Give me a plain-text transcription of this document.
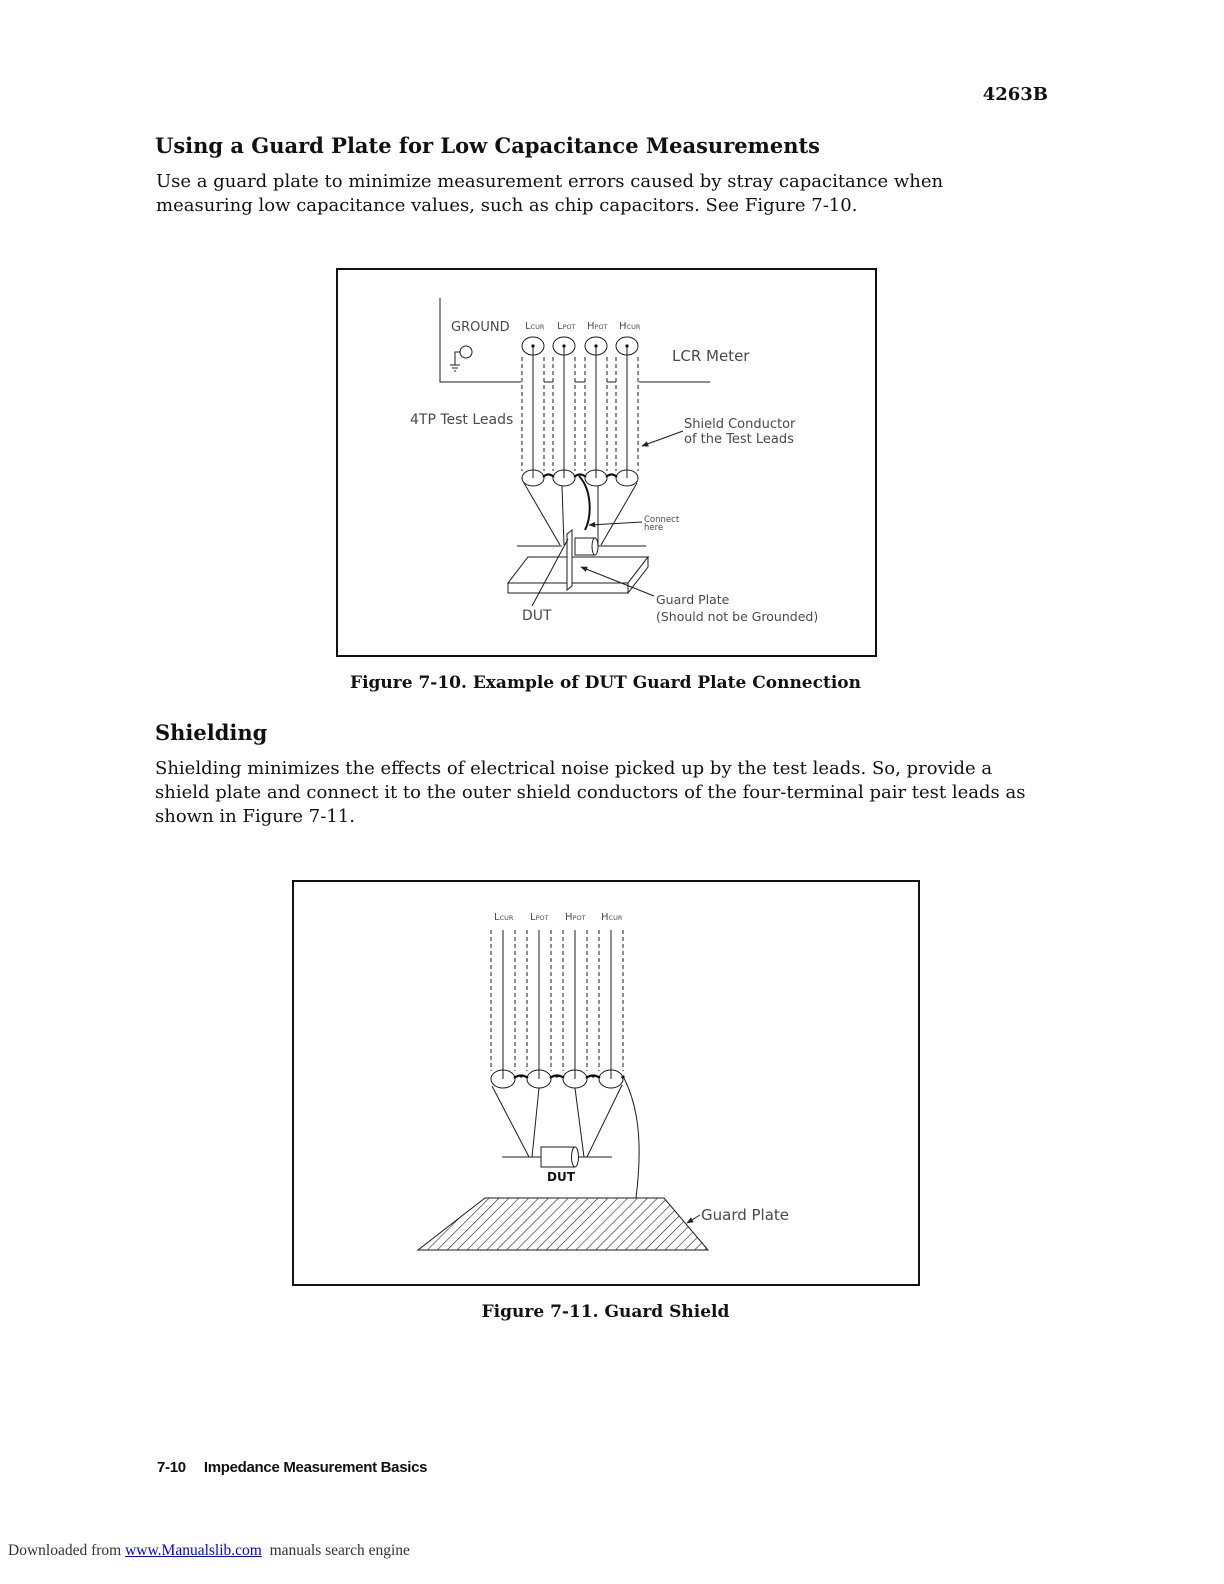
4263B
Using a Guard Plate for Low Capacitance Measurements
Use a guard plate to minimize measurement errors caused by stray capacitance when
measuring low capacitance values, such as chip capacitors. See Figure 7-10.
GROUND LCUR LPOT HPOT HCUR
LCR Meter
4TP Test Leads	Shield Conductor
of the Test Leads
Connect
here
Guard Plate
(Should not be Grounded)
DUT
Figure 7-10. Example of DUT Guard Plate Connection
Shielding
Shielding minimizes the effects of electrical noise picked up by the test leads. So, provide a
shield plate and connect it to the outer shield conductors of the four-terminal pair test leads as
shown in Figure 7-11.
LCUR LPOT HPOT HCUR
DUT
Guard Plate
Figure 7-11. Guard Shield
7-10 Impedance Measurement Basics
Downloaded from www.Manualslib.com manuals search engine
